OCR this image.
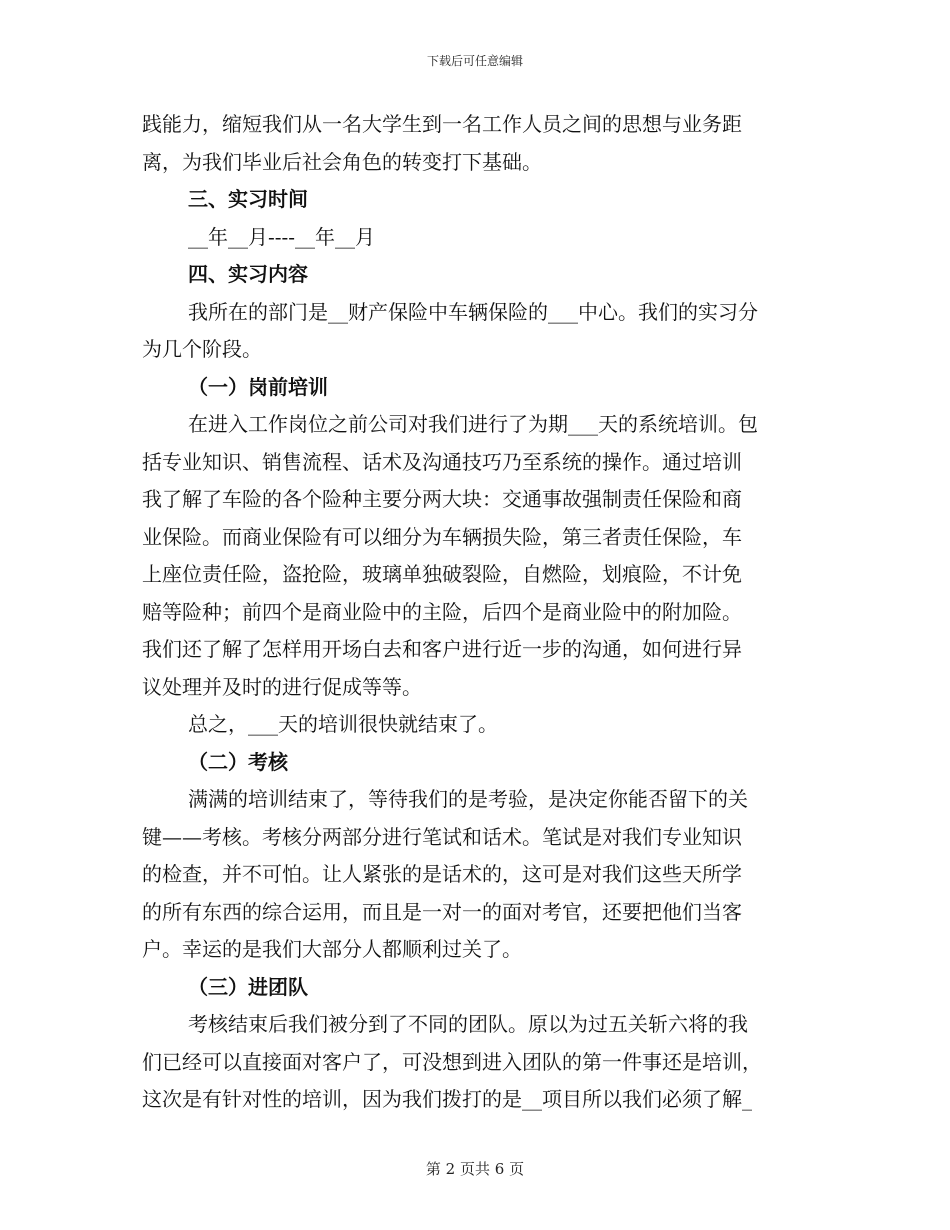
下载后可任意编辑
践能力，缩短我们从一名大学生到一名工作人员之间的思想与业务距
离，为我们毕业后社会角色的转变打下基础。
三、实习时间
__年__月----__年__月
四、实习内容
我所在的部门是__财产保险中车辆保险的___中心。我们的实习分
为几个阶段。
（一）岗前培训
在进入工作岗位之前公司对我们进行了为期___天的系统培训。包
括专业知识、销售流程、话术及沟通技巧乃至系统的操作。通过培训
我了解了车险的各个险种主要分两大块：交通事故强制责任保险和商
业保险。而商业保险有可以细分为车辆损失险，第三者责任保险，车
上座位责任险，盗抢险，玻璃单独破裂险，自燃险，划痕险，不计免
赔等险种；前四个是商业险中的主险，后四个是商业险中的附加险。
我们还了解了怎样用开场白去和客户进行近一步的沟通，如何进行异
议处理并及时的进行促成等等。
总之，___天的培训很快就结束了。
（二）考核
满满的培训结束了，等待我们的是考验，是决定你能否留下的关
键——考核。考核分两部分进行笔试和话术。笔试是对我们专业知识
的检查，并不可怕。让人紧张的是话术的，这可是对我们这些天所学
的所有东西的综合运用，而且是一对一的面对考官，还要把他们当客
户。幸运的是我们大部分人都顺利过关了。
（三）进团队
考核结束后我们被分到了不同的团队。原以为过五关斩六将的我
们已经可以直接面对客户了，可没想到进入团队的第一件事还是培训，
这次是有针对性的培训，因为我们拨打的是__项目所以我们必须了解_
第 2 页共 6 页
